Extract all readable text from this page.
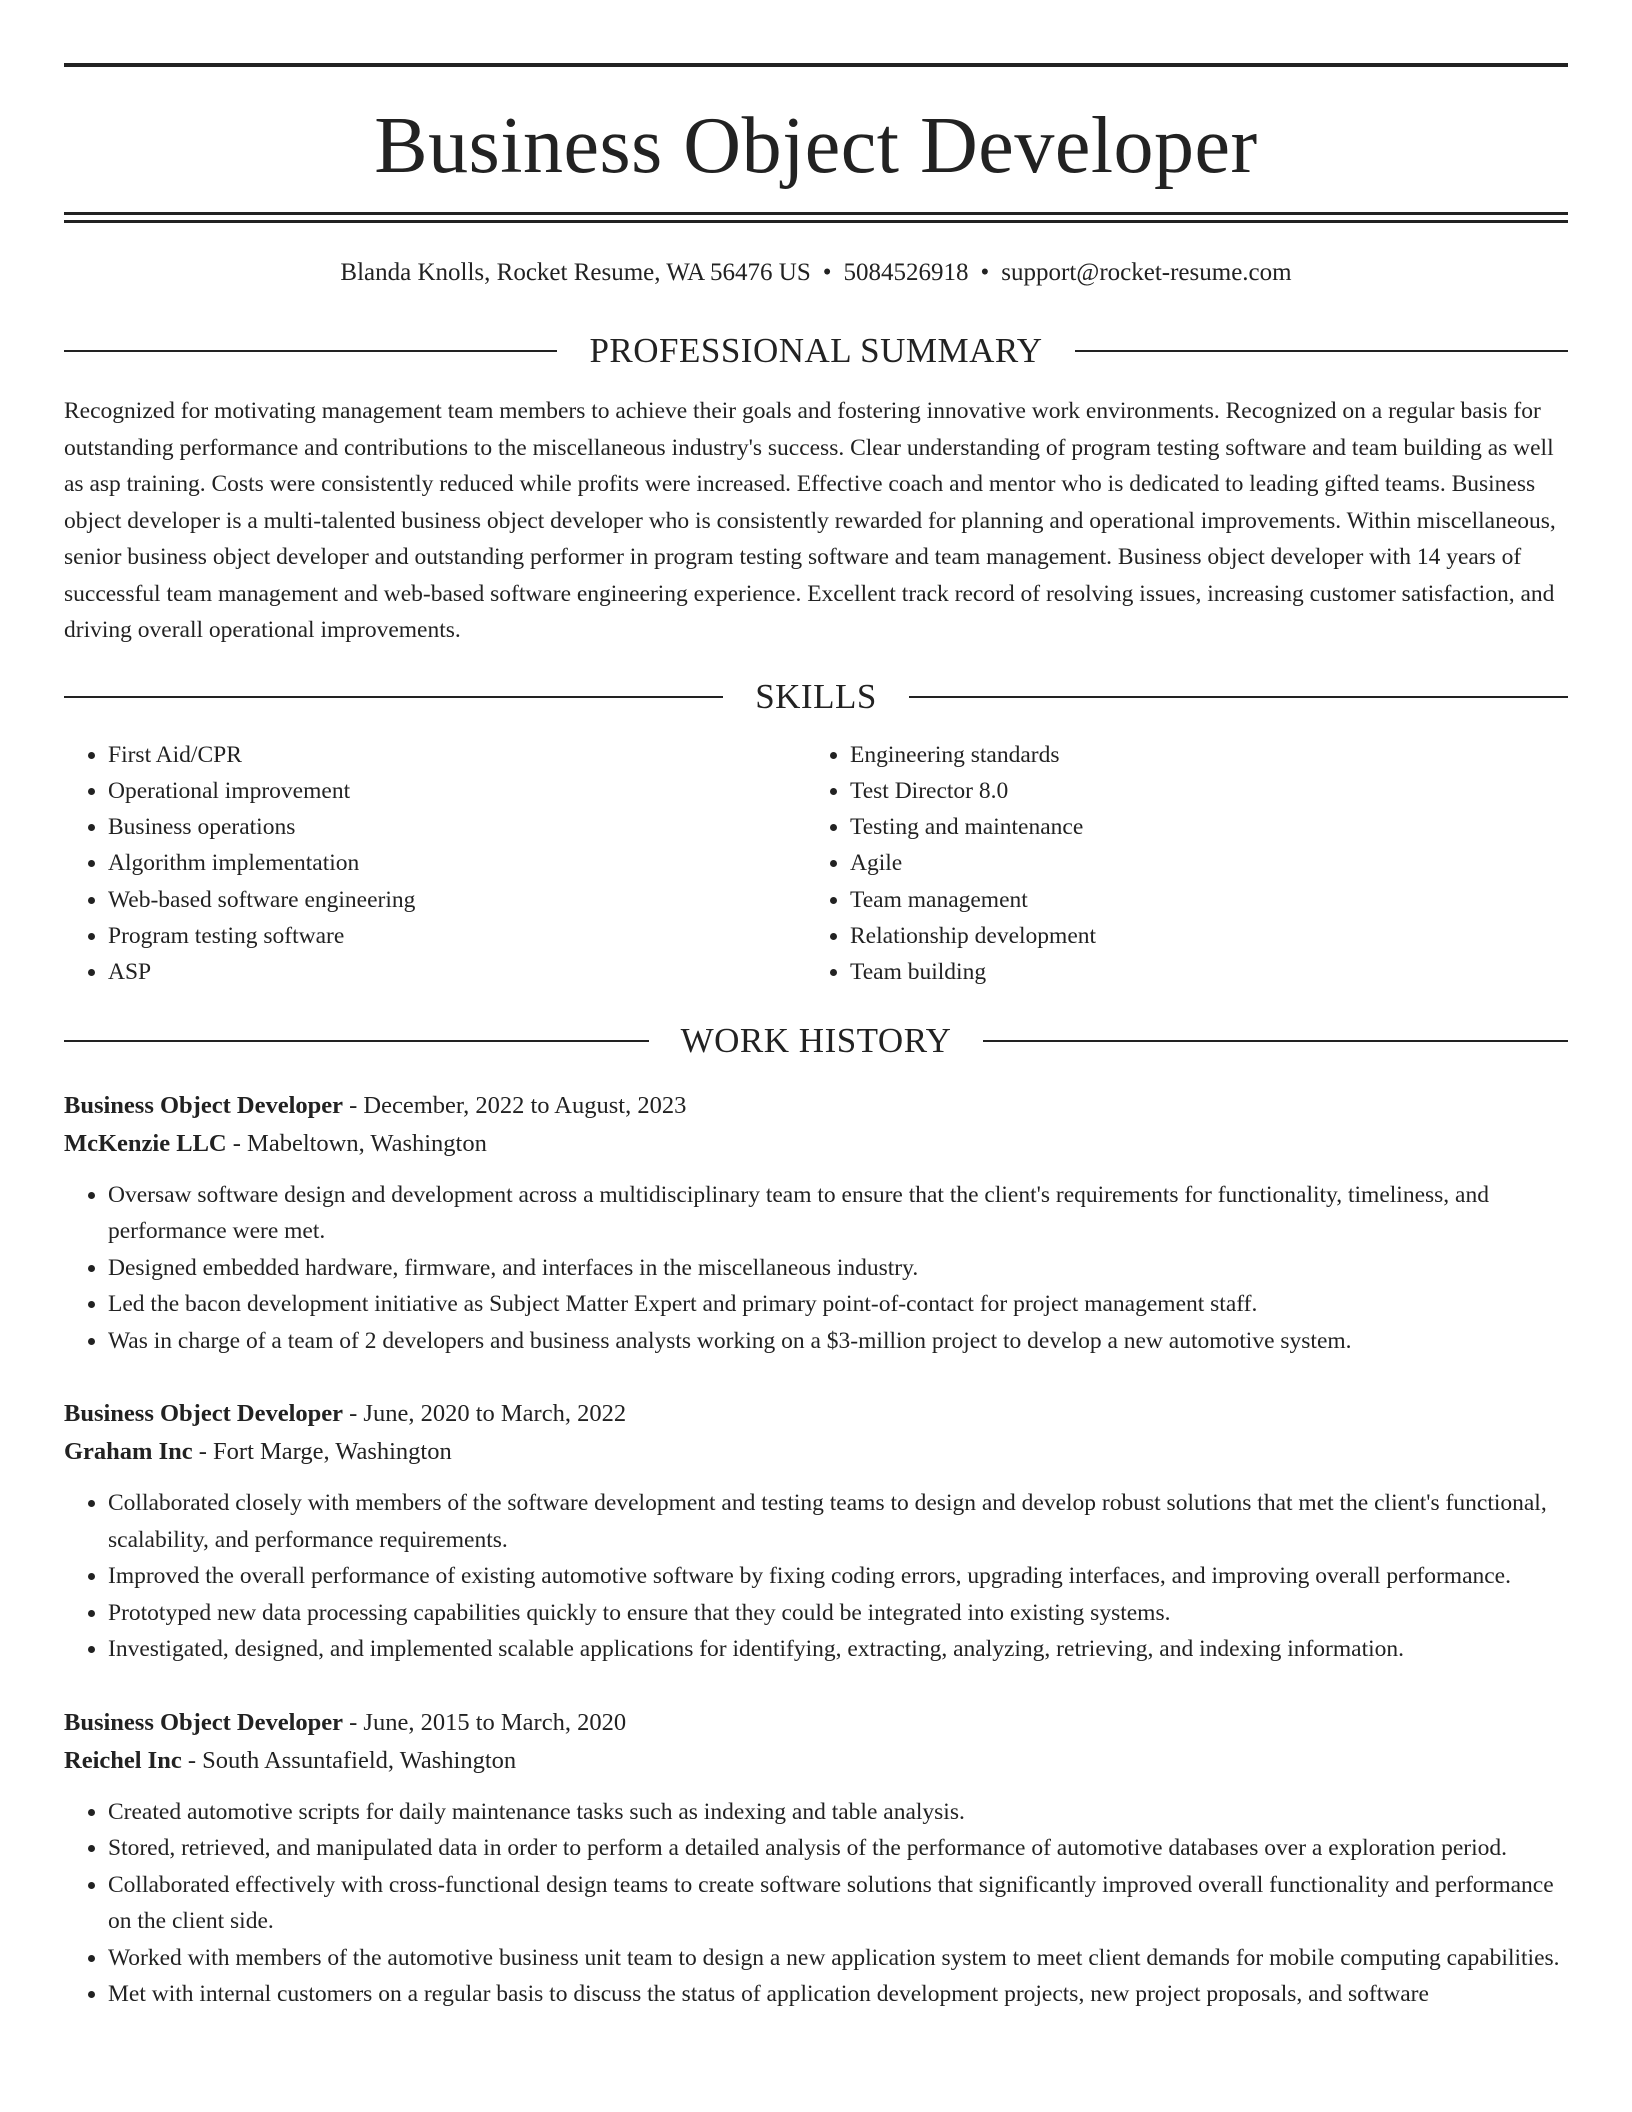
Business Object Developer
Blanda Knolls, Rocket Resume, WA 56476 US • 5084526918 • support@rocket-resume.com
PROFESSIONAL SUMMARY

Recognized for motivating management team members to achieve their goals and fostering innovative work environments. Recognized on a regular basis for outstanding performance and contributions to the miscellaneous industry's success. Clear understanding of program testing software and team building as well as asp training. Costs were consistently reduced while profits were increased. Effective coach and mentor who is dedicated to leading gifted teams. Business object developer is a multi-talented business object developer who is consistently rewarded for planning and operational improvements. Within miscellaneous, senior business object developer and outstanding performer in program testing software and team management. Business object developer with 14 years of successful team management and web-based software engineering experience. Excellent track record of resolving issues, increasing customer satisfaction, and driving overall operational improvements.

SKILLS
• First Aid/CPR
• Operational improvement
• Business operations
• Algorithm implementation
• Web-based software engineering
• Program testing software
• ASP
• Engineering standards
• Test Director 8.0
• Testing and maintenance
• Agile
• Team management
• Relationship development
• Team building
WORK HISTORY
Business Object Developer - December, 2022 to August, 2023
McKenzie LLC - Mabeltown, Washington
• Oversaw software design and development across a multidisciplinary team to ensure that the client's requirements for functionality, timeliness, and performance were met.
• Designed embedded hardware, firmware, and interfaces in the miscellaneous industry.
• Led the bacon development initiative as Subject Matter Expert and primary point-of-contact for project management staff.
• Was in charge of a team of 2 developers and business analysts working on a $3-million project to develop a new automotive system.
Business Object Developer - June, 2020 to March, 2022
Graham Inc - Fort Marge, Washington
• Collaborated closely with members of the software development and testing teams to design and develop robust solutions that met the client's functional, scalability, and performance requirements.
• Improved the overall performance of existing automotive software by fixing coding errors, upgrading interfaces, and improving overall performance.
• Prototyped new data processing capabilities quickly to ensure that they could be integrated into existing systems.
• Investigated, designed, and implemented scalable applications for identifying, extracting, analyzing, retrieving, and indexing information.
Business Object Developer - June, 2015 to March, 2020
Reichel Inc - South Assuntafield, Washington
• Created automotive scripts for daily maintenance tasks such as indexing and table analysis.
• Stored, retrieved, and manipulated data in order to perform a detailed analysis of the performance of automotive databases over a exploration period.
• Collaborated effectively with cross-functional design teams to create software solutions that significantly improved overall functionality and performance on the client side.
• Worked with members of the automotive business unit team to design a new application system to meet client demands for mobile computing capabilities.
• Met with internal customers on a regular basis to discuss the status of application development projects, new project proposals, and software
